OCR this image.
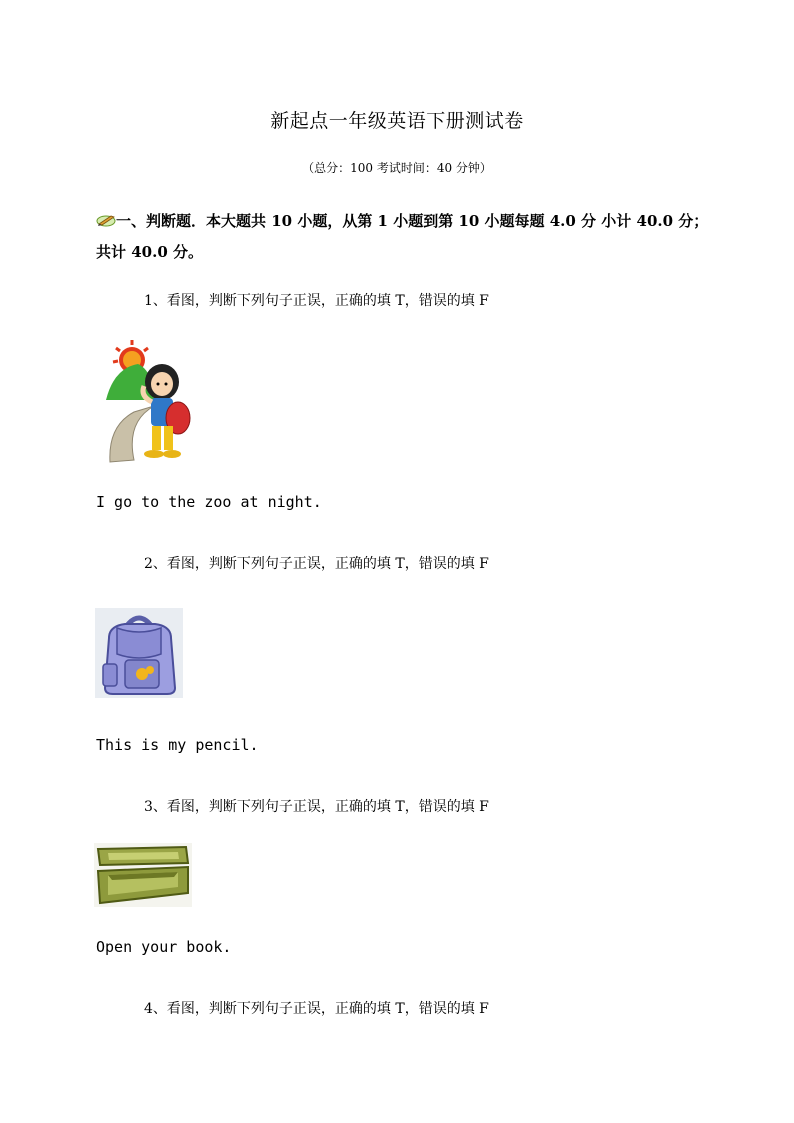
新起点一年级英语下册测试卷
（总分：100 考试时间：40 分钟）
一、判断题．本大题共 10 小题，从第 1 小题到第 10 小题每题 4.0 分 小计 40.0 分；
共计 40.0 分。
1、看图，判断下列句子正误，正确的填 T，错误的填 F
I go to the zoo at night.
2、看图，判断下列句子正误，正确的填 T，错误的填 F
This is my pencil.
3、看图，判断下列句子正误，正确的填 T，错误的填 F
Open your book.
4、看图，判断下列句子正误，正确的填 T，错误的填 F
